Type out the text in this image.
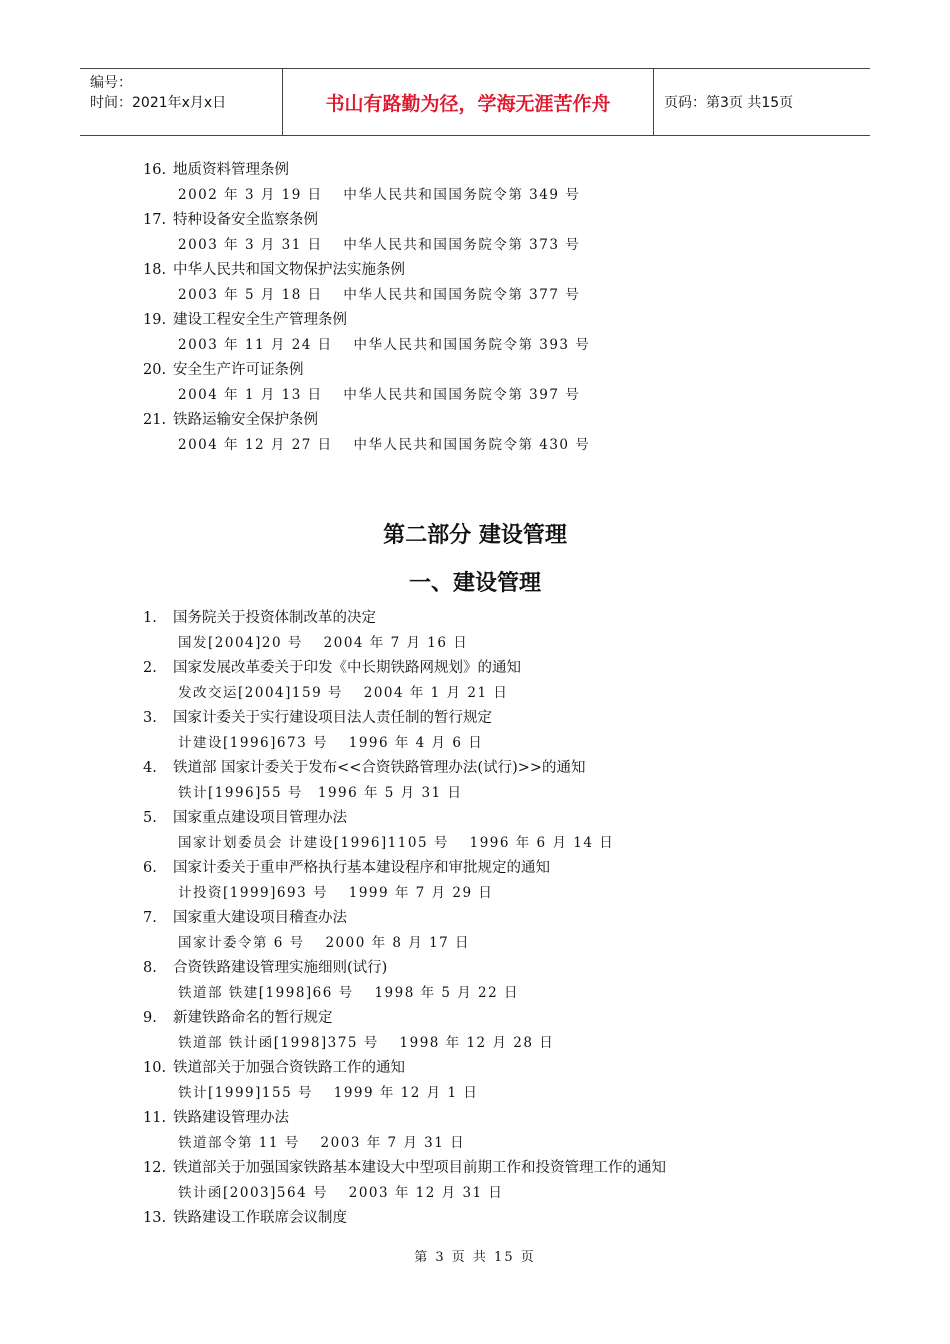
编号：
时间：2021年x月x日	书山有路勤为径，学海无涯苦作舟	页码：第3页 共15页
16. 地质资料管理条例
2002 年 3 月 19 日　 中华人民共和国国务院令第 349 号
17. 特种设备安全监察条例
2003 年 3 月 31 日　 中华人民共和国国务院令第 373 号
18. 中华人民共和国文物保护法实施条例
2003 年 5 月 18 日　 中华人民共和国国务院令第 377 号
19. 建设工程安全生产管理条例
2003 年 11 月 24 日　 中华人民共和国国务院令第 393 号
20. 安全生产许可证条例
2004 年 1 月 13 日　 中华人民共和国国务院令第 397 号
21. 铁路运输安全保护条例
2004 年 12 月 27 日　 中华人民共和国国务院令第 430 号
第二部分 建设管理
一、建设管理
1. 国务院关于投资体制改革的决定
国发[2004]20 号　 2004 年 7 月 16 日
2. 国家发展改革委关于印发《中长期铁路网规划》的通知
发改交运[2004]159 号　 2004 年 1 月 21 日
3. 国家计委关于实行建设项目法人责任制的暂行规定
计建设[1996]673 号　 1996 年 4 月 6 日
4. 铁道部 国家计委关于发布<<合资铁路管理办法(试行)>>的通知
铁计[1996]55 号　1996 年 5 月 31 日
5. 国家重点建设项目管理办法
国家计划委员会 计建设[1996]1105 号　 1996 年 6 月 14 日
6. 国家计委关于重申严格执行基本建设程序和审批规定的通知
计投资[1999]693 号　 1999 年 7 月 29 日
7. 国家重大建设项目稽查办法
国家计委令第 6 号　 2000 年 8 月 17 日
8. 合资铁路建设管理实施细则(试行)
铁道部 铁建[1998]66 号　 1998 年 5 月 22 日
9. 新建铁路命名的暂行规定
铁道部 铁计函[1998]375 号　 1998 年 12 月 28 日
10. 铁道部关于加强合资铁路工作的通知
铁计[1999]155 号　 1999 年 12 月 1 日
11. 铁路建设管理办法
铁道部令第 11 号　 2003 年 7 月 31 日
12. 铁道部关于加强国家铁路基本建设大中型项目前期工作和投资管理工作的通知
铁计函[2003]564 号　 2003 年 12 月 31 日
13. 铁路建设工作联席会议制度
第 3 页 共 15 页
